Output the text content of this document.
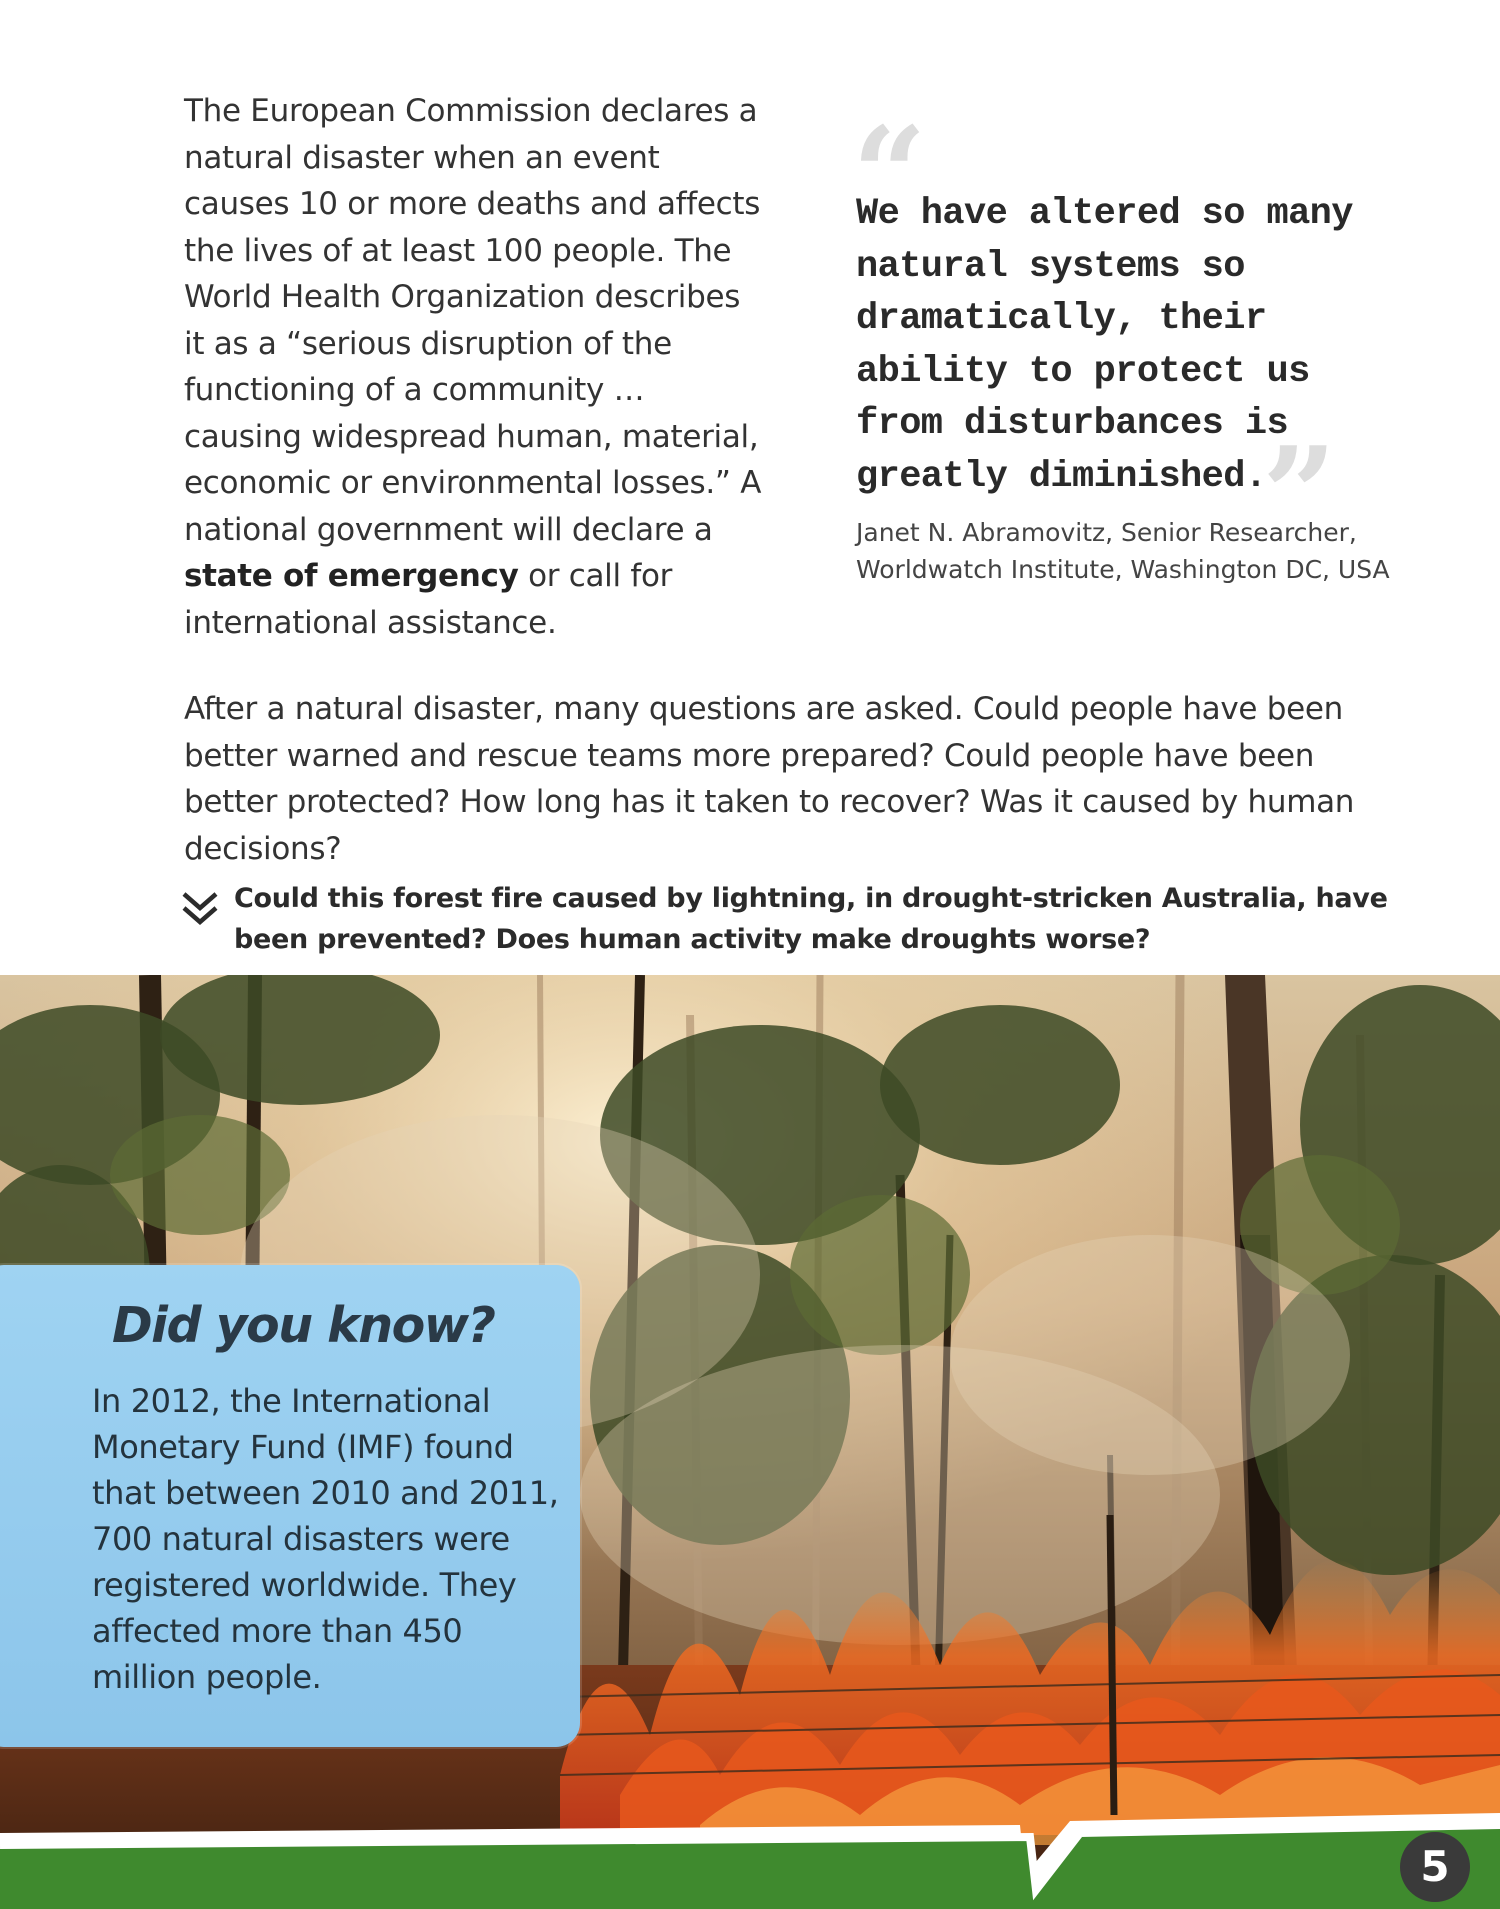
The European Commission declares a natural disaster when an event causes 10 or more deaths and affects the lives of at least 100 people. The World Health Organization describes it as a “serious disruption of the functioning of a community … causing widespread human, material, economic or environmental losses.” A national government will declare a state of emergency or call for international assistance.
“
We have altered so many natural systems so dramatically, their ability to protect us from disturbances is greatly diminished.
”
Janet N. Abramovitz, Senior Researcher,
Worldwatch Institute, Washington DC, USA
After a natural disaster, many questions are asked. Could people have been better warned and rescue teams more prepared? Could people have been better protected? How long has it taken to recover? Was it caused by human decisions?
Could this forest fire caused by lightning, in drought-stricken Australia, have been prevented? Does human activity make droughts worse?
Did you know?
In 2012, the International Monetary Fund (IMF) found that between 2010 and 2011, 700 natural disasters were registered worldwide. They affected more than 450 million people.
5
